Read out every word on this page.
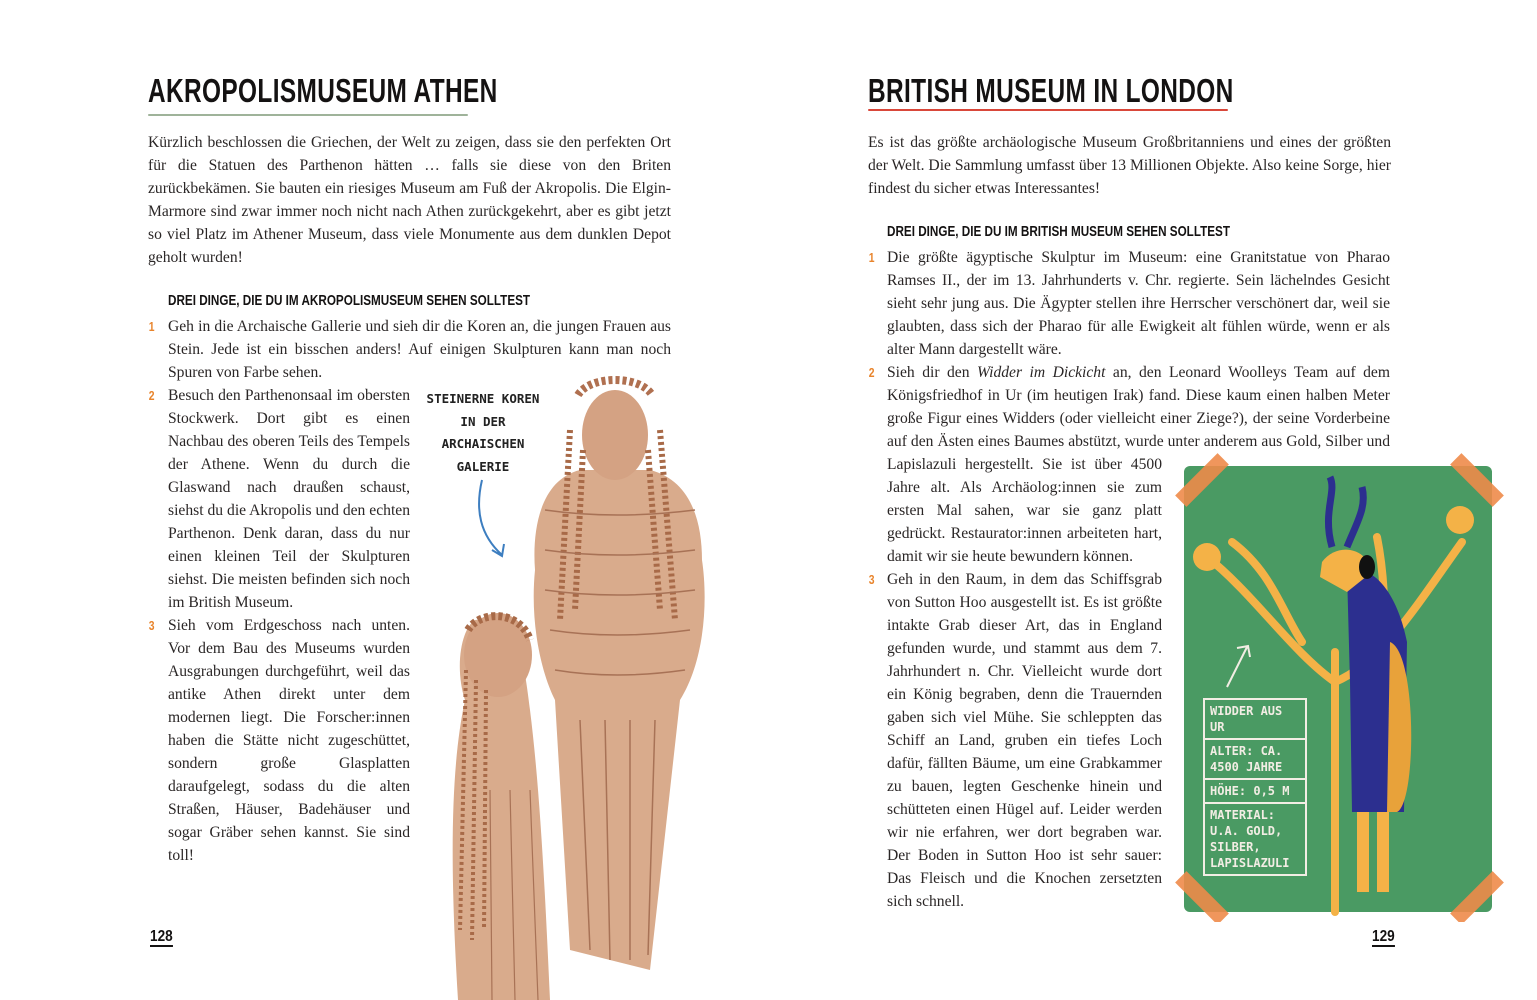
AKROPOLISMUSEUM ATHEN

Kürzlich beschlossen die Griechen, der Welt zu zeigen, dass sie den perfekten Ort für die Statuen des Parthenon hätten … falls sie diese von den Briten zurückbekämen. Sie bauten ein riesiges Museum am Fuß der Akropolis. Die Elgin-Marmore sind zwar immer noch nicht nach Athen zurückgekehrt, aber es gibt jetzt so viel Platz im Athener Museum, dass viele Monumente aus dem dunklen Depot geholt wurden!

DREI DINGE, DIE DU IM AKROPOLISMUSEUM SEHEN SOLLTEST
1 Geh in die Archaische Gallerie und sieh dir die Koren an, die jungen Frauen aus Stein. Jede ist ein bisschen anders! Auf einigen Skulpturen kann man noch Spuren von Farbe sehen.
2 Besuch den Parthenonsaal im obersten Stockwerk. Dort gibt es einen Nachbau des oberen Teils des Tempels der Athene. Wenn du durch die Glaswand nach draußen schaust, siehst du die Akropolis und den echten Parthenon. Denk daran, dass du nur einen kleinen Teil der Skulpturen siehst. Die meisten befinden sich noch im British Museum.
3 Sieh vom Erdgeschoss nach unten. Vor dem Bau des Museums wurden Ausgrabungen durchgeführt, weil das antike Athen direkt unter dem modernen liegt. Die Forscher:innen haben die Stätte nicht zugeschüttet, sondern große Glasplatten daraufgelegt, sodass du die alten Straßen, Häuser, Badehäuser und sogar Gräber sehen kannst. Sie sind toll!
STEINERNE KOREN IN DER ARCHAISCHEN GALERIE
128
BRITISH MUSEUM IN LONDON

Es ist das größte archäologische Museum Großbritanniens und eines der größten der Welt. Die Sammlung umfasst über 13 Millionen Objekte. Also keine Sorge, hier findest du sicher etwas Interessantes!

DREI DINGE, DIE DU IM BRITISH MUSEUM SEHEN SOLLTEST
1 Die größte ägyptische Skulptur im Museum: eine Granitstatue von Pharao Ramses II., der im 13. Jahrhunderts v. Chr. regierte. Sein lächelndes Gesicht sieht sehr jung aus. Die Ägypter stellen ihre Herrscher verschönert dar, weil sie glaubten, dass sich der Pharao für alle Ewigkeit alt fühlen würde, wenn er als alter Mann dargestellt wäre.
2 Sieh dir den Widder im Dickicht an, den Leonard Woolleys Team auf dem Königsfriedhof in Ur (im heutigen Irak) fand. Diese kaum einen halben Meter große Figur eines Widders (oder vielleicht einer Ziege?), der seine Vorderbeine auf den Ästen eines Baumes abstützt, wurde unter anderem aus Gold, Silber und Lapislazuli hergestellt. Sie ist über 4500 Jahre alt. Als Archäolog:innen sie zum ersten Mal sahen, war sie ganz platt gedrückt. Restaurator:innen arbeiteten hart, damit wir sie heute bewundern können.
3 Geh in den Raum, in dem das Schiffsgrab von Sutton Hoo ausgestellt ist. Es ist größte intakte Grab dieser Art, das in England gefunden wurde, und stammt aus dem 7. Jahrhundert n. Chr. Vielleicht wurde dort ein König begraben, denn die Trauernden gaben sich viel Mühe. Sie schleppten das Schiff an Land, gruben ein tiefes Loch dafür, fällten Bäume, um eine Grabkammer zu bauen, legten Geschenke hinein und schütteten einen Hügel auf. Leider werden wir nie erfahren, wer dort begraben war. Der Boden in Sutton Hoo ist sehr sauer: Das Fleisch und die Knochen zersetzten sich schnell.
WIDDER AUS UR
ALTER: CA. 4500 JAHRE
HÖHE: 0,5 M
MATERIAL: U.A. GOLD, SILBER, LAPISLAZULI
129
